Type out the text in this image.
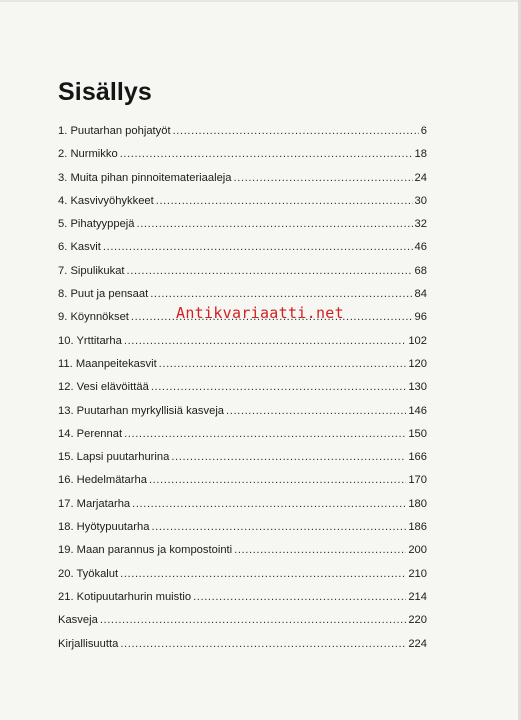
Sisällys
1. Puutarhan pohjatyöt .....	6
2. Nurmikko .....	18
3. Muita pihan pinnoitemateriaaleja .....	24
4. Kasvivyöhykkeet .....	30
5. Pihatyyppejä .....	32
6. Kasvit .....	46
7. Sipulikukat .....	68
8. Puut ja pensaat .....	84
9. Köynnökset .....	96
10. Yrttitarha .....	102
11. Maanpeitekasvit .....	120
12. Vesi elävöittää .....	130
13. Puutarhan myrkyllisiä kasveja .....	146
14. Perennat .....	150
15. Lapsi puutarhurina .....	166
16. Hedelmätarha .....	170
17. Marjatarha .....	180
18. Hyötypuutarha .....	186
19. Maan parannus ja kompostointi .....	200
20. Työkalut .....	210
21. Kotipuutarhurin muistio .....	214
Kasveja .....	220
Kirjallisuutta .....	224
Antikvariaatti.net
